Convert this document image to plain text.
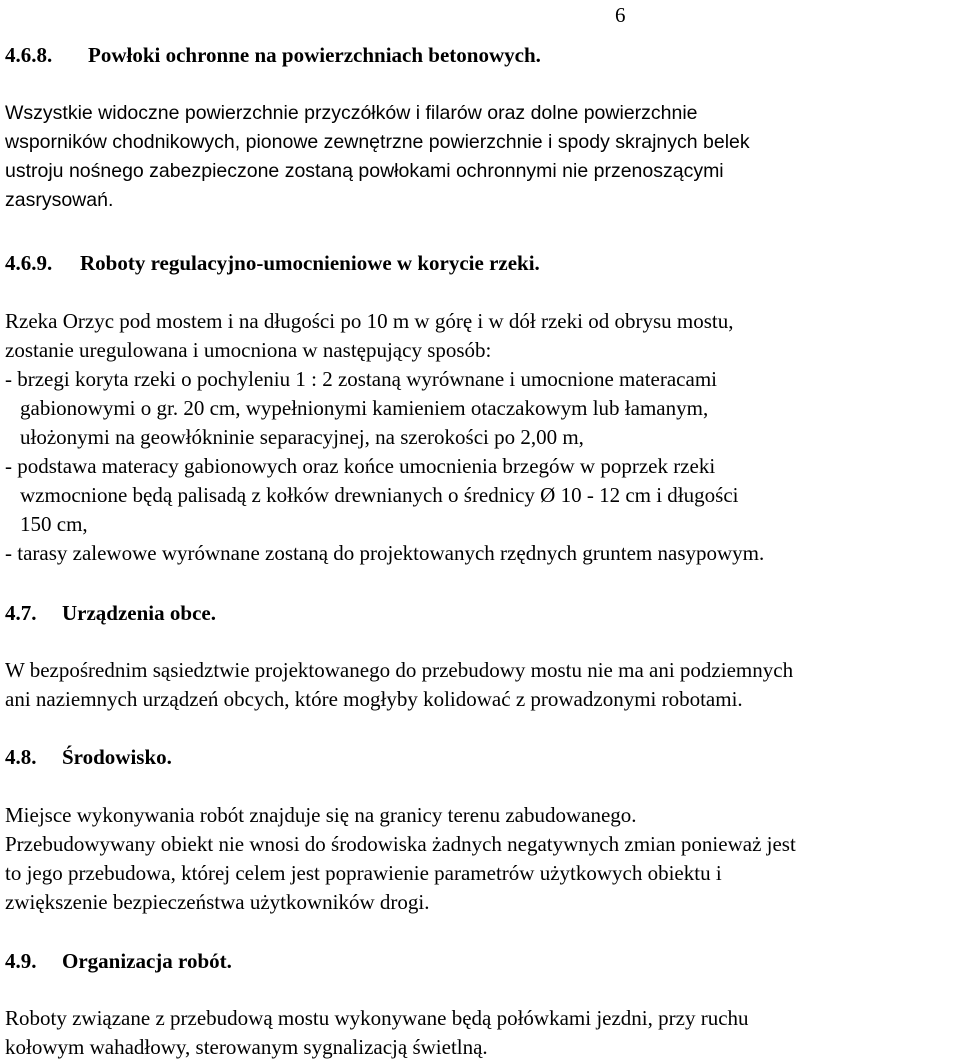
6
4.6.8. Powłoki ochronne na powierzchniach betonowych.
Wszystkie widoczne powierzchnie przyczółków i filarów oraz dolne powierzchnie
wsporników chodnikowych, pionowe zewnętrzne powierzchnie i spody skrajnych belek
ustroju nośnego zabezpieczone zostaną powłokami ochronnymi nie przenoszącymi
zasrysowań.
4.6.9. Roboty regulacyjno-umocnieniowe w korycie rzeki.
Rzeka Orzyc pod mostem i na długości po 10 m w górę i w dół rzeki od obrysu mostu,
zostanie uregulowana i umocniona w następujący sposób:
- brzegi koryta rzeki o pochyleniu 1 : 2 zostaną wyrównane i umocnione materacami
gabionowymi o gr. 20 cm, wypełnionymi kamieniem otaczakowym lub łamanym,
ułożonymi na geowłókninie separacyjnej, na szerokości po 2,00 m,
- podstawa materacy gabionowych oraz końce umocnienia brzegów w poprzek rzeki
wzmocnione będą palisadą z kołków drewnianych o średnicy Ø 10 - 12 cm i długości
150 cm,
- tarasy zalewowe wyrównane zostaną do projektowanych rzędnych gruntem nasypowym.
4.7. Urządzenia obce.
W bezpośrednim sąsiedztwie projektowanego do przebudowy mostu nie ma ani podziemnych
ani naziemnych urządzeń obcych, które mogłyby kolidować z prowadzonymi robotami.
4.8. Środowisko.
Miejsce wykonywania robót znajduje się na granicy terenu zabudowanego.
Przebudowywany obiekt nie wnosi do środowiska żadnych negatywnych zmian ponieważ jest
to jego przebudowa, której celem jest poprawienie parametrów użytkowych obiektu i
zwiększenie bezpieczeństwa użytkowników drogi.
4.9. Organizacja robót.
Roboty związane z przebudową mostu wykonywane będą połówkami jezdni, przy ruchu
kołowym wahadłowy, sterowanym sygnalizacją świetlną.
